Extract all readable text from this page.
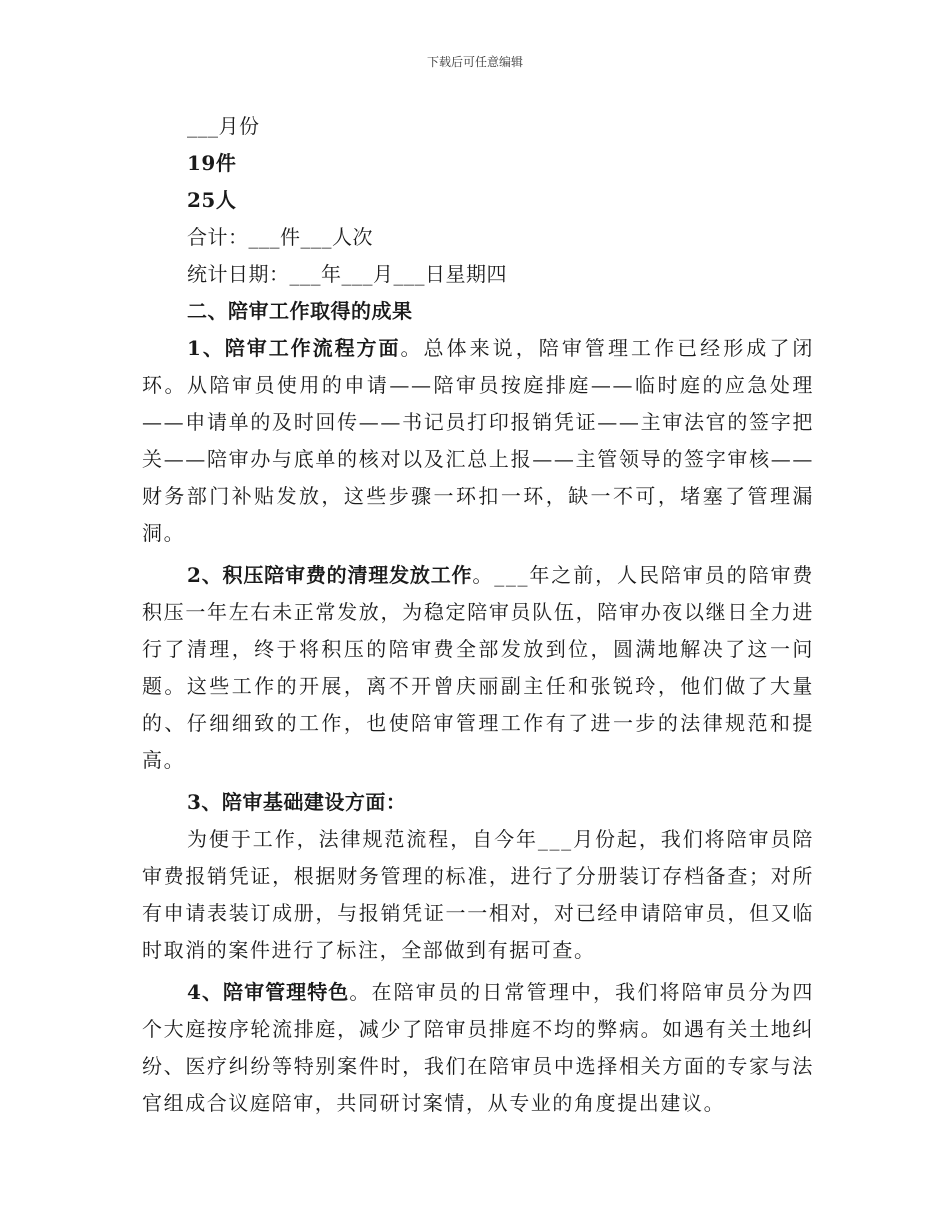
下载后可任意编辑
___月份
19件
25人
合计：___件___人次
统计日期：___年___月___日星期四
二、陪审工作取得的成果

1、陪审工作流程方面。总体来说，陪审管理工作已经形成了闭环。从陪审员使用的申请——陪审员按庭排庭——临时庭的应急处理——申请单的及时回传——书记员打印报销凭证——主审法官的签字把关——陪审办与底单的核对以及汇总上报——主管领导的签字审核——财务部门补贴发放，这些步骤一环扣一环，缺一不可，堵塞了管理漏洞。

2、积压陪审费的清理发放工作。___年之前，人民陪审员的陪审费积压一年左右未正常发放，为稳定陪审员队伍，陪审办夜以继日全力进行了清理，终于将积压的陪审费全部发放到位，圆满地解决了这一问题。这些工作的开展，离不开曾庆丽副主任和张锐玲，他们做了大量的、仔细细致的工作，也使陪审管理工作有了进一步的法律规范和提高。

3、陪审基础建设方面：

为便于工作，法律规范流程，自今年___月份起，我们将陪审员陪审费报销凭证，根据财务管理的标准，进行了分册装订存档备查；对所有申请表装订成册，与报销凭证一一相对，对已经申请陪审员，但又临时取消的案件进行了标注，全部做到有据可查。

4、陪审管理特色。在陪审员的日常管理中，我们将陪审员分为四个大庭按序轮流排庭，减少了陪审员排庭不均的弊病。如遇有关土地纠纷、医疗纠纷等特别案件时，我们在陪审员中选择相关方面的专家与法官组成合议庭陪审，共同研讨案情，从专业的角度提出建议。
